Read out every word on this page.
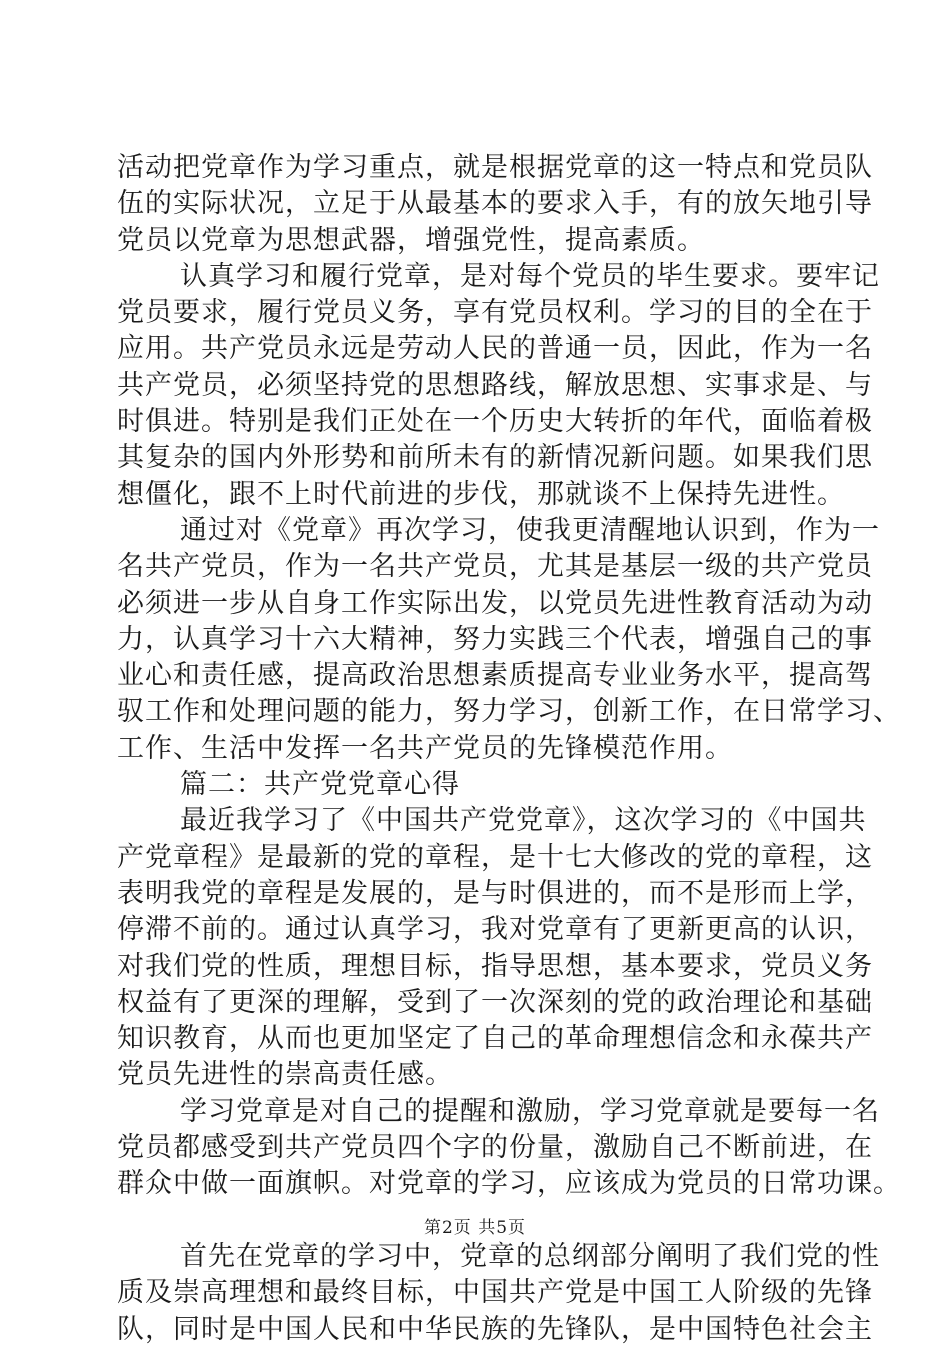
活动把党章作为学习重点，就是根据党章的这一特点和党员队
伍的实际状况，立足于从最基本的要求入手，有的放矢地引导
党员以党章为思想武器，增强党性，提高素质。
认真学习和履行党章，是对每个党员的毕生要求。要牢记
党员要求，履行党员义务，享有党员权利。学习的目的全在于
应用。共产党员永远是劳动人民的普通一员，因此，作为一名
共产党员，必须坚持党的思想路线，解放思想、实事求是、与
时俱进。特别是我们正处在一个历史大转折的年代，面临着极
其复杂的国内外形势和前所未有的新情况新问题。如果我们思
想僵化，跟不上时代前进的步伐，那就谈不上保持先进性。
通过对《党章》再次学习，使我更清醒地认识到，作为一
名共产党员，作为一名共产党员，尤其是基层一级的共产党员
必须进一步从自身工作实际出发，以党员先进性教育活动为动
力，认真学习十六大精神，努力实践三个代表，增强自己的事
业心和责任感，提高政治思想素质提高专业业务水平，提高驾
驭工作和处理问题的能力，努力学习，创新工作，在日常学习、
工作、生活中发挥一名共产党员的先锋模范作用。
篇二：共产党党章心得
最近我学习了《中国共产党党章》，这次学习的《中国共
产党章程》是最新的党的章程，是十七大修改的党的章程，这
表明我党的章程是发展的，是与时俱进的，而不是形而上学，
停滞不前的。通过认真学习，我对党章有了更新更高的认识，
对我们党的性质，理想目标，指导思想，基本要求，党员义务
权益有了更深的理解，受到了一次深刻的党的政治理论和基础
知识教育，从而也更加坚定了自己的革命理想信念和永葆共产
党员先进性的崇高责任感。
学习党章是对自己的提醒和激励，学习党章就是要每一名
党员都感受到共产党员四个字的份量，激励自己不断前进，在
群众中做一面旗帜。对党章的学习，应该成为党员的日常功课。
首先在党章的学习中，党章的总纲部分阐明了我们党的性
质及崇高理想和最终目标，中国共产党是中国工人阶级的先锋
队，同时是中国人民和中华民族的先锋队，是中国特色社会主
第2页 共5页
